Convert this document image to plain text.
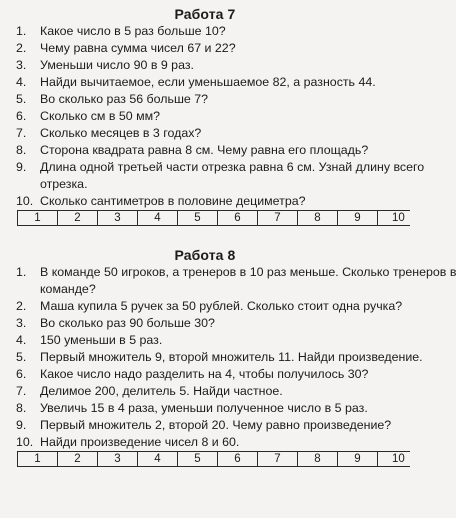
Работа 7
1. Какое число в 5 раз больше 10?
2. Чему равна сумма чисел 67 и 22?
3. Уменьши число 90 в 9 раз.
4. Найди вычитаемое, если уменьшаемое 82, а разность 44.
5. Во сколько раз 56 больше 7?
6. Сколько см в 50 мм?
7. Сколько месяцев в 3 годах?
8. Сторона квадрата равна 8 см. Чему равна его площадь?
9. Длина одной третьей части отрезка равна 6 см. Узнай длину всего
отрезка.
10. Сколько сантиметров в половине дециметра?
1	2	3	4	5	6	7	8	9	10
Работа 8
1. В команде 50 игроков, а тренеров в 10 раз меньше. Сколько тренеров в
команде?
2. Маша купила 5 ручек за 50 рублей. Сколько стоит одна ручка?
3. Во сколько раз 90 больше 30?
4. 150 уменьши в 5 раз.
5. Первый множитель 9, второй множитель 11. Найди произведение.
6. Какое число надо разделить на 4, чтобы получилось 30?
7. Делимое 200, делитель 5. Найди частное.
8. Увеличь 15 в 4 раза, уменьши полученное число в 5 раз.
9. Первый множитель 2, второй 20. Чему равно произведение?
10. Найди произведение чисел 8 и 60.
1	2	3	4	5	6	7	8	9	10
